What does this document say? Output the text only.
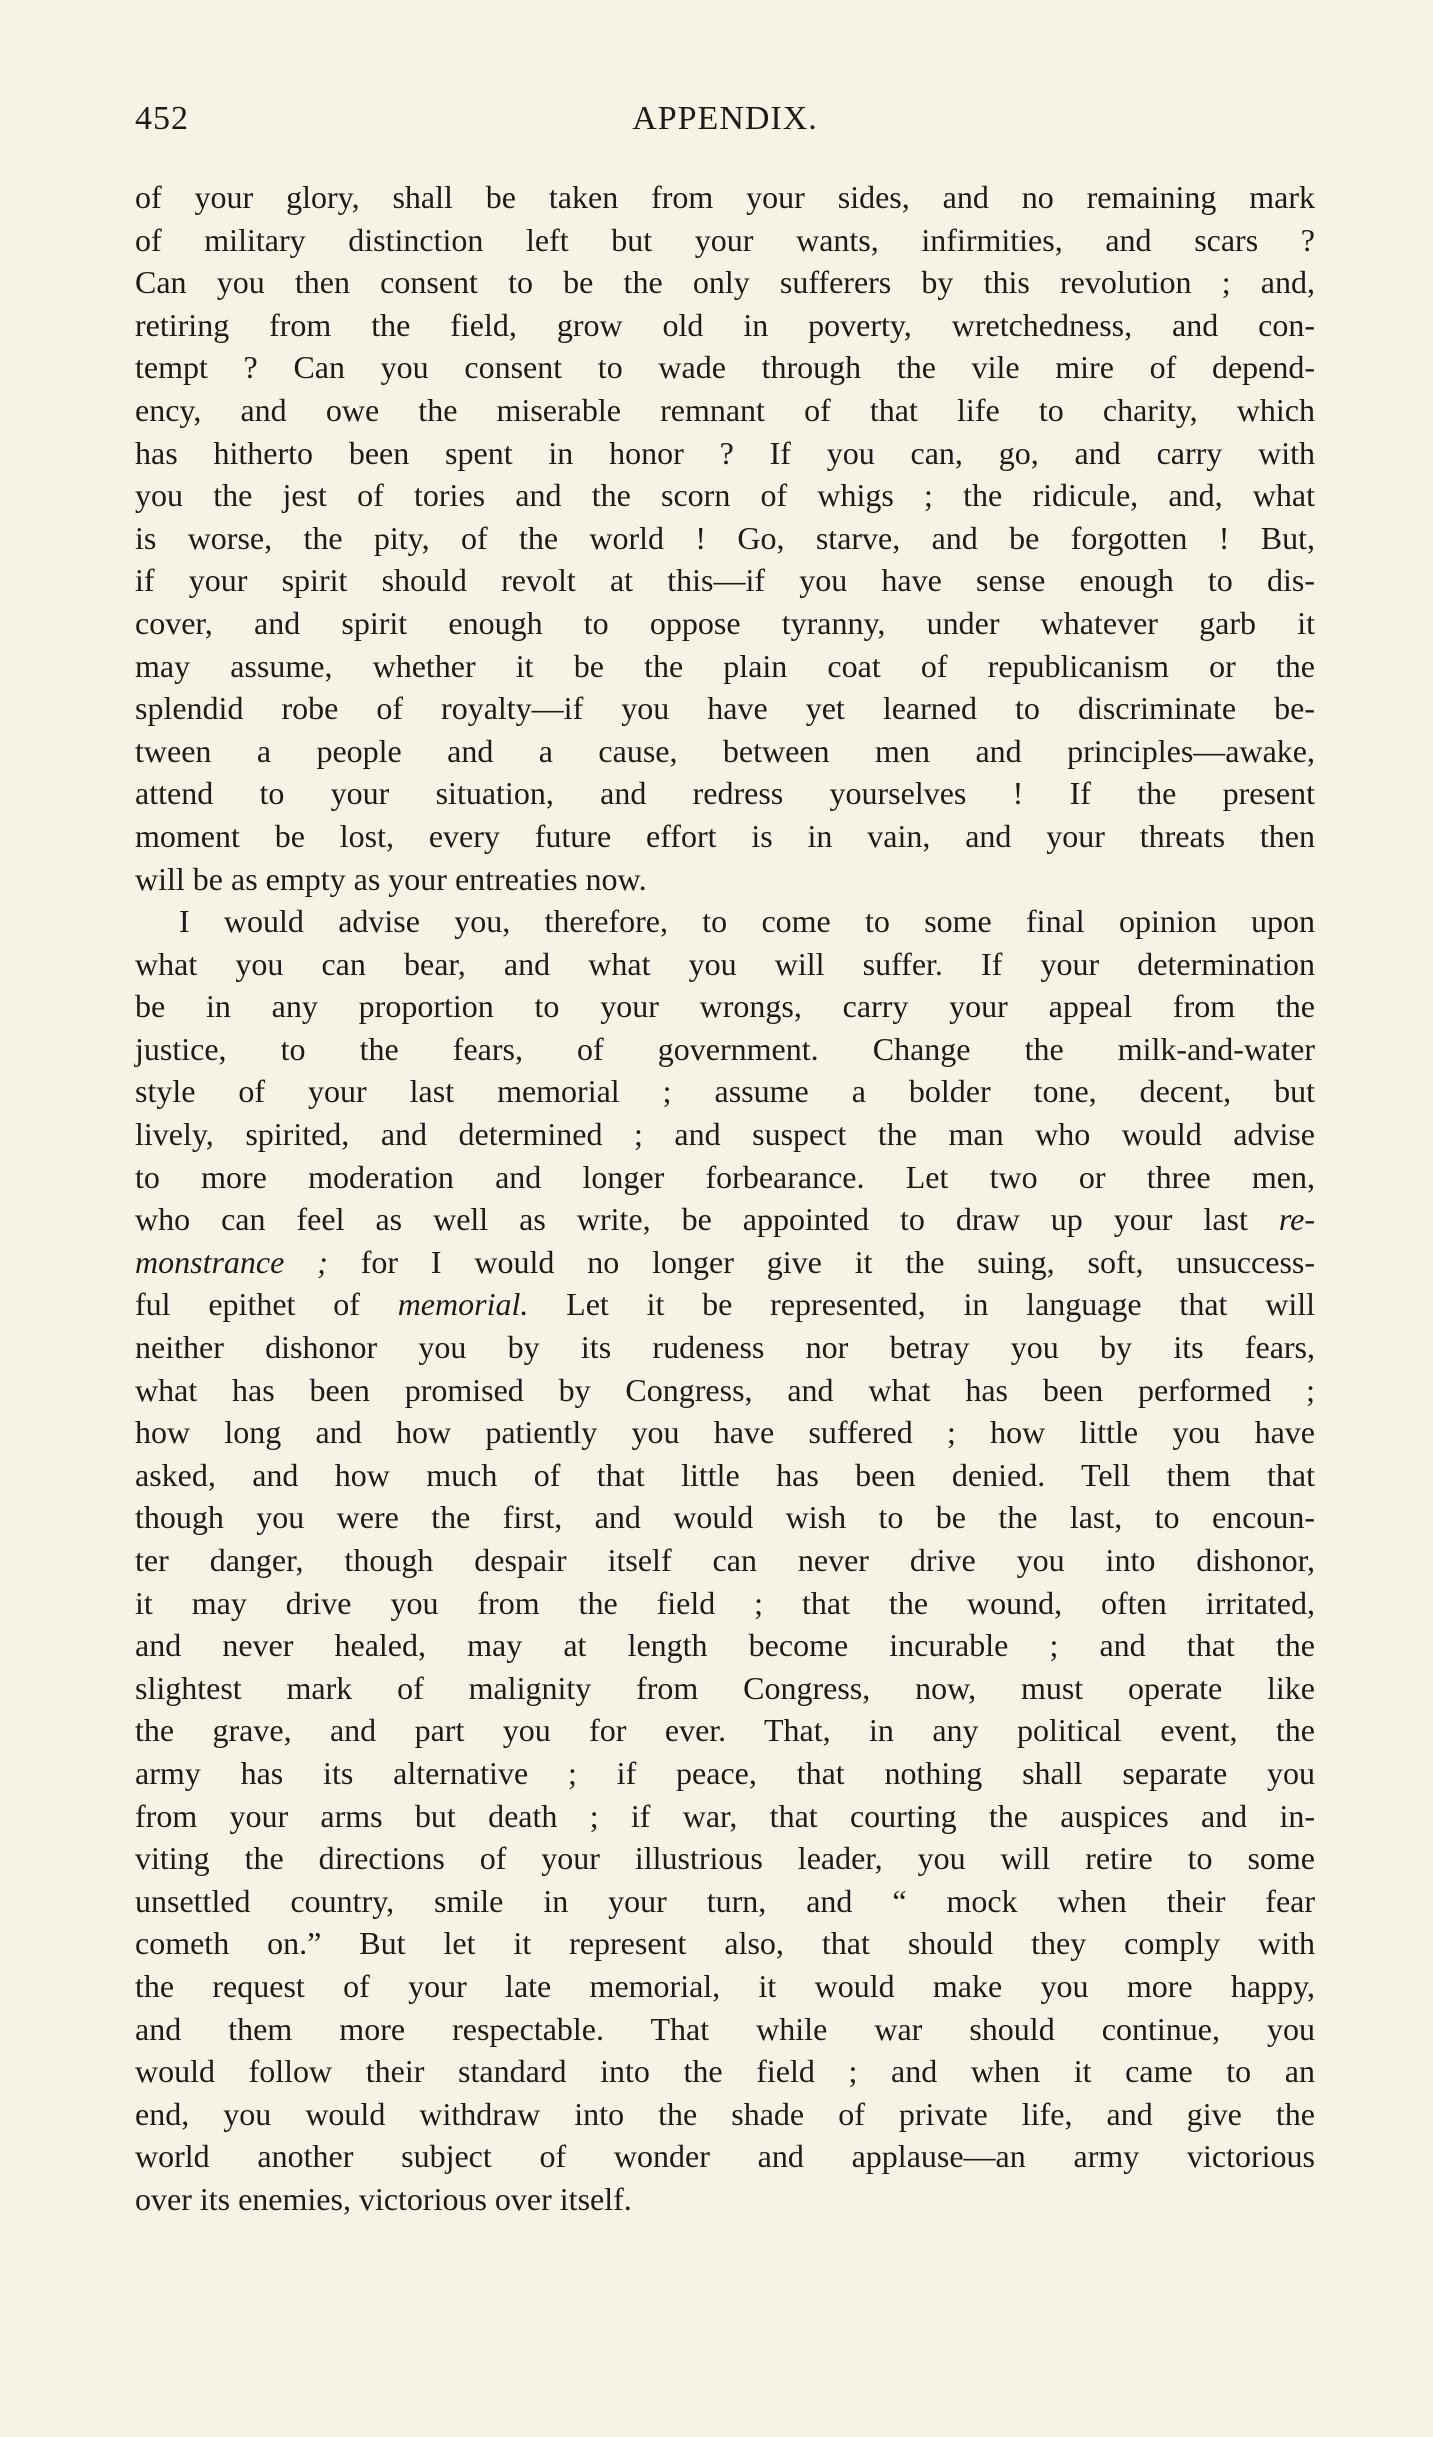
452	APPENDIX.
of your glory, shall be taken from your sides, and no remaining mark
of military distinction left but your wants, infirmities, and scars ?
Can you then consent to be the only sufferers by this revolution ; and,
retiring from the field, grow old in poverty, wretchedness, and con-
tempt ? Can you consent to wade through the vile mire of depend-
ency, and owe the miserable remnant of that life to charity, which
has hitherto been spent in honor ? If you can, go, and carry with
you the jest of tories and the scorn of whigs ; the ridicule, and, what
is worse, the pity, of the world ! Go, starve, and be forgotten ! But,
if your spirit should revolt at this—if you have sense enough to dis-
cover, and spirit enough to oppose tyranny, under whatever garb it
may assume, whether it be the plain coat of republicanism or the
splendid robe of royalty—if you have yet learned to discriminate be-
tween a people and a cause, between men and principles—awake,
attend to your situation, and redress yourselves ! If the present
moment be lost, every future effort is in vain, and your threats then
will be as empty as your entreaties now.
I would advise you, therefore, to come to some final opinion upon
what you can bear, and what you will suffer. If your determination
be in any proportion to your wrongs, carry your appeal from the
justice, to the fears, of government. Change the milk-and-water
style of your last memorial ; assume a bolder tone, decent, but
lively, spirited, and determined ; and suspect the man who would advise
to more moderation and longer forbearance. Let two or three men,
who can feel as well as write, be appointed to draw up your last re-
monstrance ; for I would no longer give it the suing, soft, unsuccess-
ful epithet of memorial. Let it be represented, in language that will
neither dishonor you by its rudeness nor betray you by its fears,
what has been promised by Congress, and what has been performed ;
how long and how patiently you have suffered ; how little you have
asked, and how much of that little has been denied. Tell them that
though you were the first, and would wish to be the last, to encoun-
ter danger, though despair itself can never drive you into dishonor,
it may drive you from the field ; that the wound, often irritated,
and never healed, may at length become incurable ; and that the
slightest mark of malignity from Congress, now, must operate like
the grave, and part you for ever. That, in any political event, the
army has its alternative ; if peace, that nothing shall separate you
from your arms but death ; if war, that courting the auspices and in-
viting the directions of your illustrious leader, you will retire to some
unsettled country, smile in your turn, and “ mock when their fear
cometh on.” But let it represent also, that should they comply with
the request of your late memorial, it would make you more happy,
and them more respectable. That while war should continue, you
would follow their standard into the field ; and when it came to an
end, you would withdraw into the shade of private life, and give the
world another subject of wonder and applause—an army victorious
over its enemies, victorious over itself.
